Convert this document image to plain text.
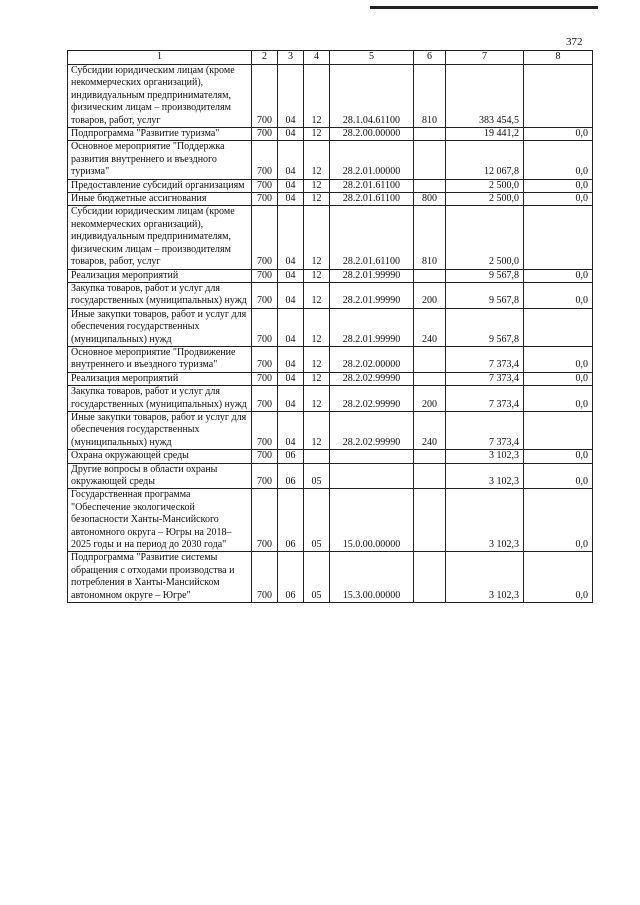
372
1	2	3	4	5	6	7	8
Субсидии юридическим лицам (кроме некоммерческих организаций), индивидуальным предпринимателям, физическим лицам – производителям товаров, работ, услуг	700	04	12	28.1.04.61100	810	383 454,5	
Подпрограмма "Развитие туризма"	700	04	12	28.2.00.00000		19 441,2	0,0
Основное мероприятие "Поддержка развития внутреннего и въездного туризма"	700	04	12	28.2.01.00000		12 067,8	0,0
Предоставление субсидий организациям	700	04	12	28.2.01.61100		2 500,0	0,0
Иные бюджетные ассигнования	700	04	12	28.2.01.61100	800	2 500,0	0,0
Субсидии юридическим лицам (кроме некоммерческих организаций), индивидуальным предпринимателям, физическим лицам – производителям товаров, работ, услуг	700	04	12	28.2.01.61100	810	2 500,0	
Реализация мероприятий	700	04	12	28.2.01.99990		9 567,8	0,0
Закупка товаров, работ и услуг для государственных (муниципальных) нужд	700	04	12	28.2.01.99990	200	9 567,8	0,0
Иные закупки товаров, работ и услуг для обеспечения государственных (муниципальных) нужд	700	04	12	28.2.01.99990	240	9 567,8	
Основное мероприятие "Продвижение внутреннего и въездного туризма"	700	04	12	28.2.02.00000		7 373,4	0,0
Реализация мероприятий	700	04	12	28.2.02.99990		7 373,4	0,0
Закупка товаров, работ и услуг для государственных (муниципальных) нужд	700	04	12	28.2.02.99990	200	7 373,4	0,0
Иные закупки товаров, работ и услуг для обеспечения государственных (муниципальных) нужд	700	04	12	28.2.02.99990	240	7 373,4	
Охрана окружающей среды	700	06				3 102,3	0,0
Другие вопросы в области охраны окружающей среды	700	06	05			3 102,3	0,0
Государственная программа "Обеспечение экологической безопасности Ханты-Мансийского автономного округа – Югры на 2018–2025 годы и на период до 2030 года"	700	06	05	15.0.00.00000		3 102,3	0,0
Подпрограмма "Развитие системы обращения с отходами производства и потребления в Ханты-Мансийском автономном округе – Югре"	700	06	05	15.3.00.00000		3 102,3	0,0
